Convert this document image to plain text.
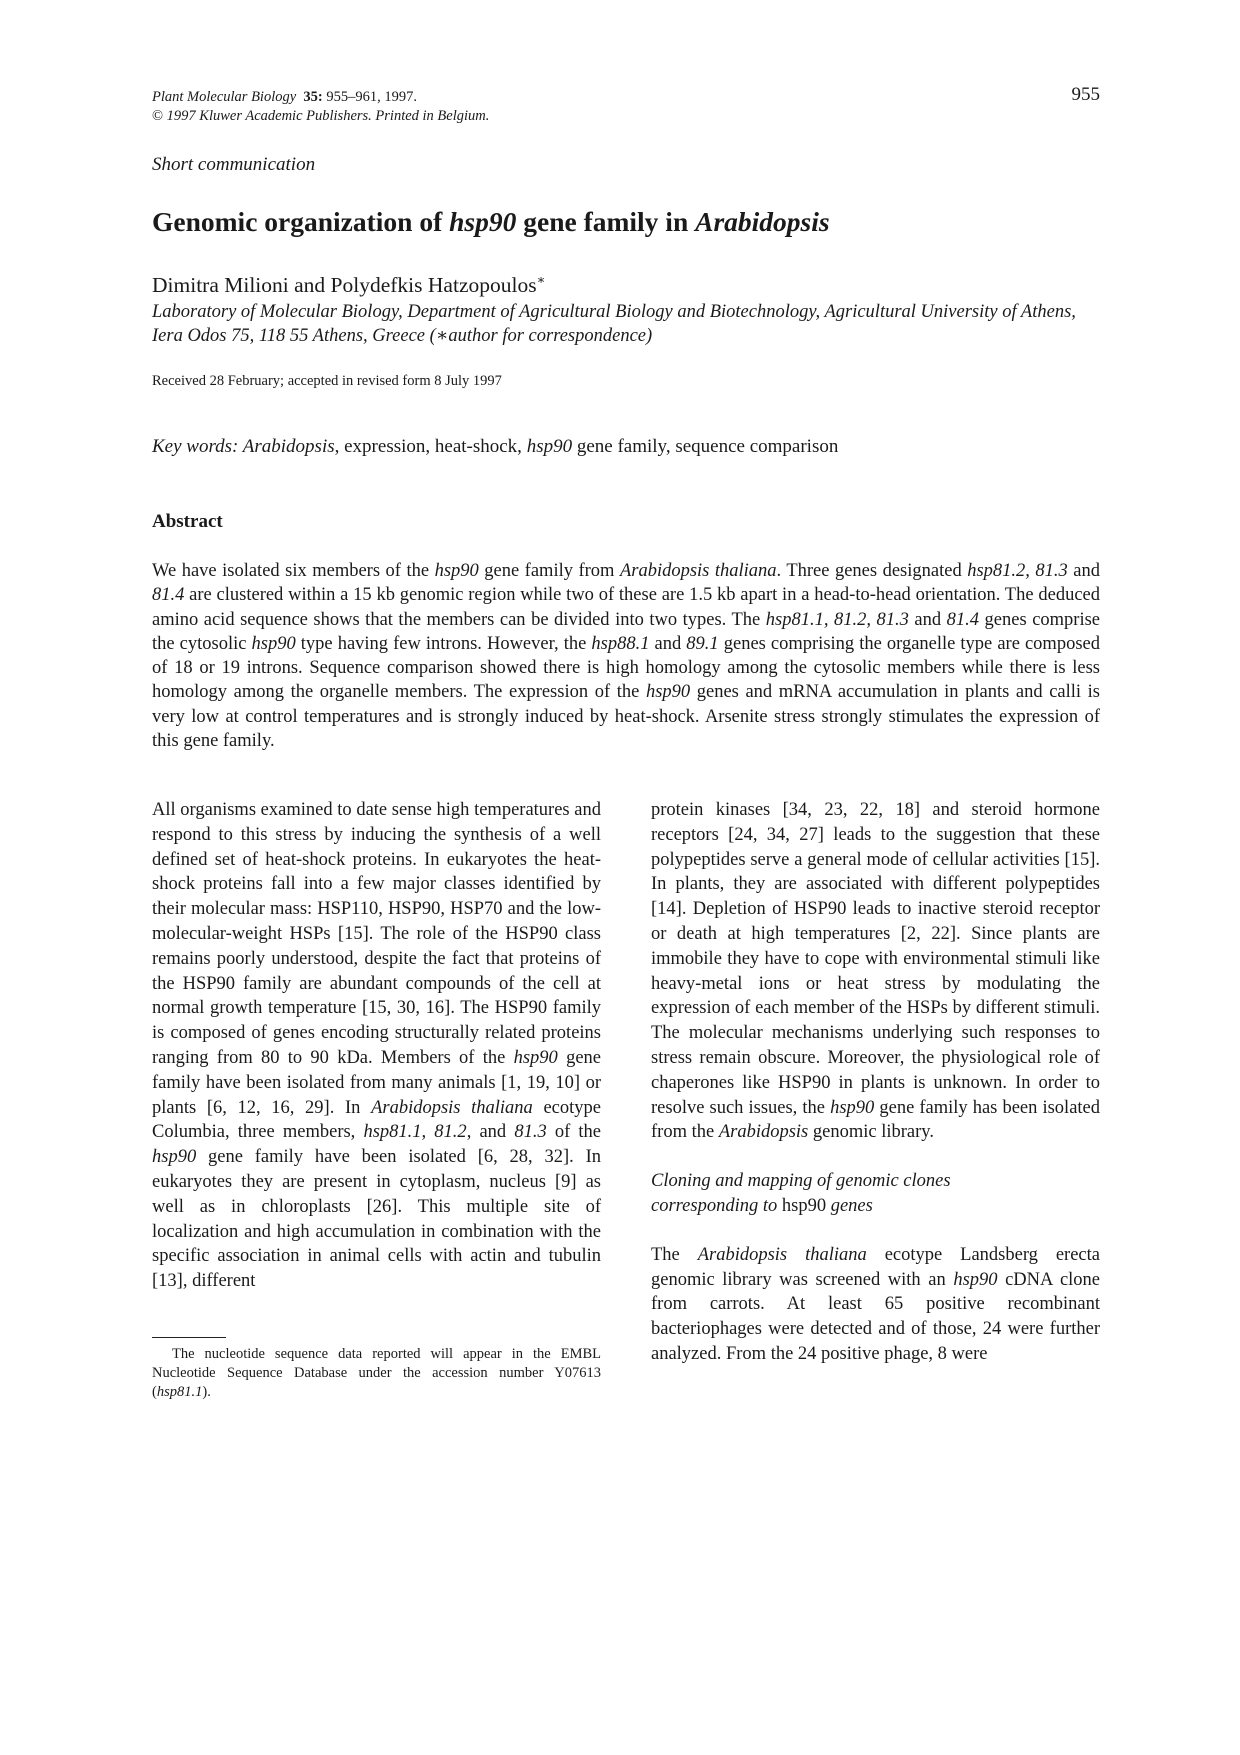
Plant Molecular Biology 35: 955–961, 1997.
© 1997 Kluwer Academic Publishers. Printed in Belgium.
955
Short communication
Genomic organization of hsp90 gene family in Arabidopsis
Dimitra Milioni and Polydefkis Hatzopoulos∗
Laboratory of Molecular Biology, Department of Agricultural Biology and Biotechnology, Agricultural University of Athens, Iera Odos 75, 118 55 Athens, Greece (∗author for correspondence)
Received 28 February; accepted in revised form 8 July 1997
Key words: Arabidopsis, expression, heat-shock, hsp90 gene family, sequence comparison
Abstract
We have isolated six members of the hsp90 gene family from Arabidopsis thaliana. Three genes designated hsp81.2, 81.3 and 81.4 are clustered within a 15 kb genomic region while two of these are 1.5 kb apart in a head-to-head orientation. The deduced amino acid sequence shows that the members can be divided into two types. The hsp81.1, 81.2, 81.3 and 81.4 genes comprise the cytosolic hsp90 type having few introns. However, the hsp88.1 and 89.1 genes comprising the organelle type are composed of 18 or 19 introns. Sequence comparison showed there is high homology among the cytosolic members while there is less homology among the organelle members. The expression of the hsp90 genes and mRNA accumulation in plants and calli is very low at control temperatures and is strongly induced by heat-shock. Arsenite stress strongly stimulates the expression of this gene family.

All organisms examined to date sense high temperatures and respond to this stress by inducing the synthesis of a well defined set of heat-shock proteins. In eukaryotes the heat-shock proteins fall into a few major classes identified by their molecular mass: HSP110, HSP90, HSP70 and the low-molecular-weight HSPs [15]. The role of the HSP90 class remains poorly understood, despite the fact that proteins of the HSP90 family are abundant compounds of the cell at normal growth temperature [15, 30, 16]. The HSP90 family is composed of genes encoding structurally related proteins ranging from 80 to 90 kDa. Members of the hsp90 gene family have been isolated from many animals [1, 19, 10] or plants [6, 12, 16, 29]. In Arabidopsis thaliana ecotype Columbia, three members, hsp81.1, 81.2, and 81.3 of the hsp90 gene family have been isolated [6, 28, 32]. In eukaryotes they are present in cytoplasm, nucleus [9] as well as in chloroplasts [26]. This multiple site of localization and high accumulation in combination with the specific association in animal cells with actin and tubulin [13], different

protein kinases [34, 23, 22, 18] and steroid hormone receptors [24, 34, 27] leads to the suggestion that these polypeptides serve a general mode of cellular activities [15]. In plants, they are associated with different polypeptides [14]. Depletion of HSP90 leads to inactive steroid receptor or death at high temperatures [2, 22]. Since plants are immobile they have to cope with environmental stimuli like heavy-metal ions or heat stress by modulating the expression of each member of the HSPs by different stimuli. The molecular mechanisms underlying such responses to stress remain obscure. Moreover, the physiological role of chaperones like HSP90 in plants is unknown. In order to resolve such issues, the hsp90 gene family has been isolated from the Arabidopsis genomic library.

Cloning and mapping of genomic clones
corresponding to hsp90 genes

The Arabidopsis thaliana ecotype Landsberg erecta genomic library was screened with an hsp90 cDNA clone from carrots. At least 65 positive recombinant bacteriophages were detected and of those, 24 were further analyzed. From the 24 positive phage, 8 were

The nucleotide sequence data reported will appear in the EMBL Nucleotide Sequence Database under the accession number Y07613 (hsp81.1).
